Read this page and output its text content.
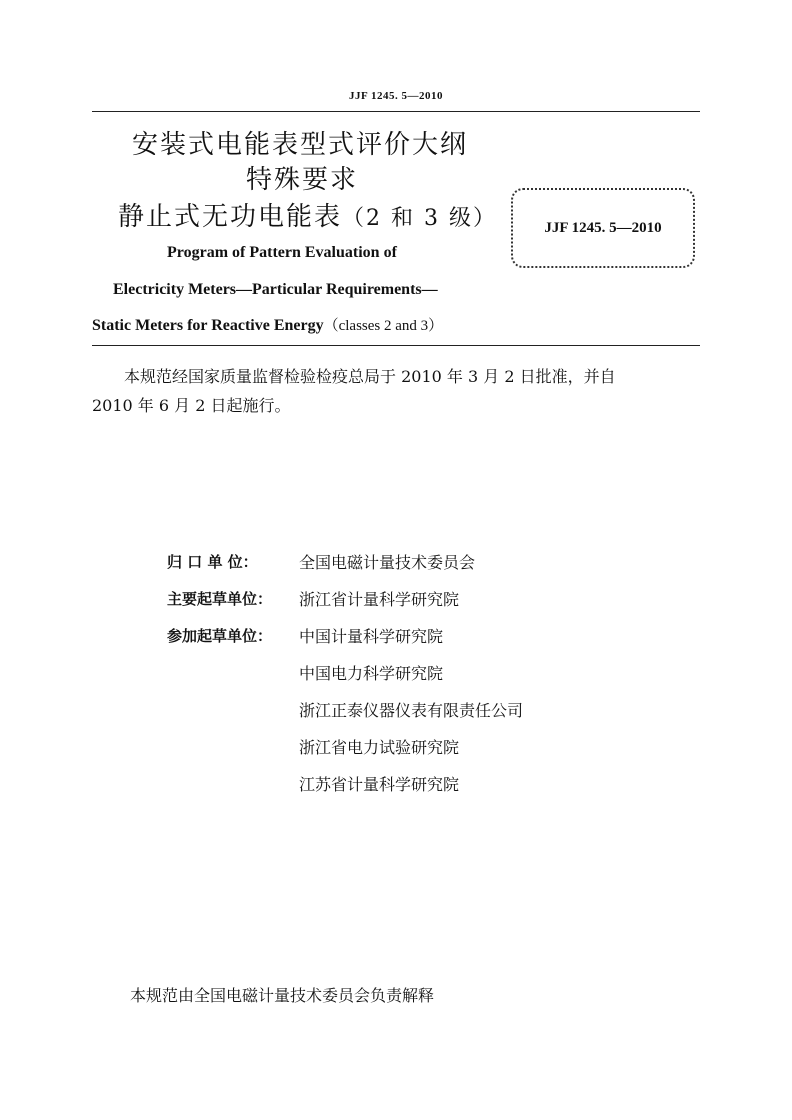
JJF 1245. 5—2010
安装式电能表型式评价大纲
特殊要求
静止式无功电能表（2 和 3 级）
Program of Pattern Evaluation of
Electricity Meters—Particular Requirements—
Static Meters for Reactive Energy（classes 2 and 3）
JJF 1245. 5—2010
本规范经国家质量监督检验检疫总局于 2010 年 3 月 2 日批准，并自
2010 年 6 月 2 日起施行。
归 口 单 位：	全国电磁计量技术委员会
主要起草单位： 浙江省计量科学研究院
参加起草单位： 中国计量科学研究院
中国电力科学研究院
浙江正泰仪器仪表有限责任公司
浙江省电力试验研究院
江苏省计量科学研究院
本规范由全国电磁计量技术委员会负责解释
